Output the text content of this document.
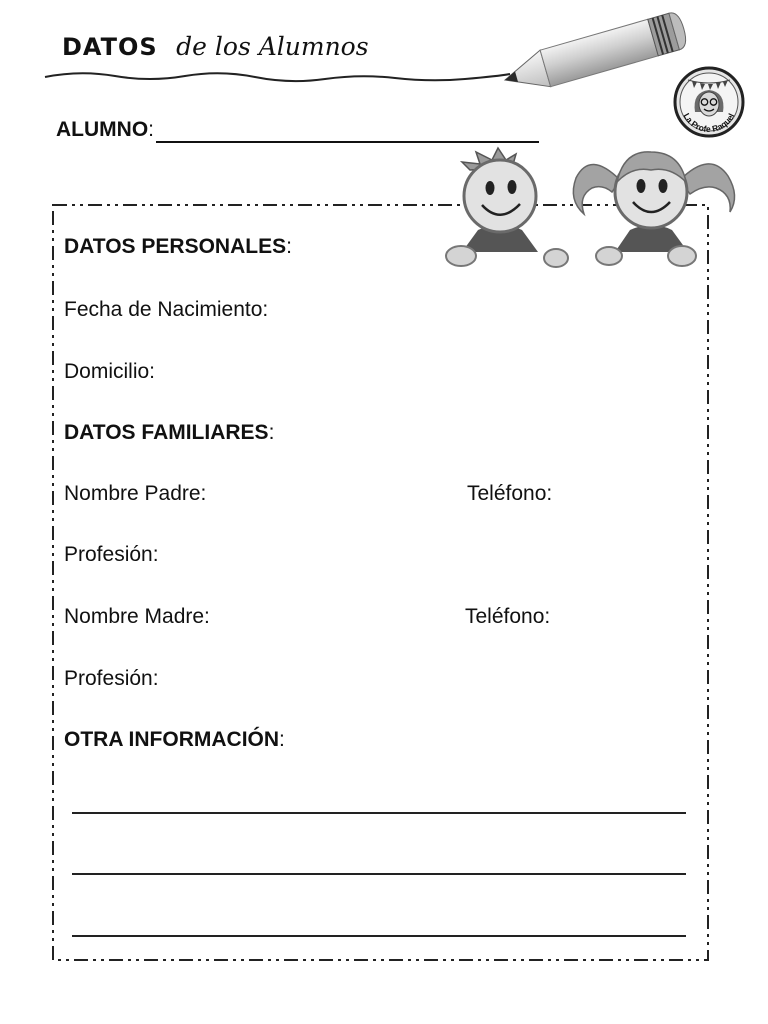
La Profe Raquel
DATOS de los Alumnos
ALUMNO:
DATOS PERSONALES:
Fecha de Nacimiento:
Domicilio:
DATOS FAMILIARES:
Nombre Padre:	Teléfono:
Profesión:
Nombre Madre:	Teléfono:
Profesión:
OTRA INFORMACIÓN:
